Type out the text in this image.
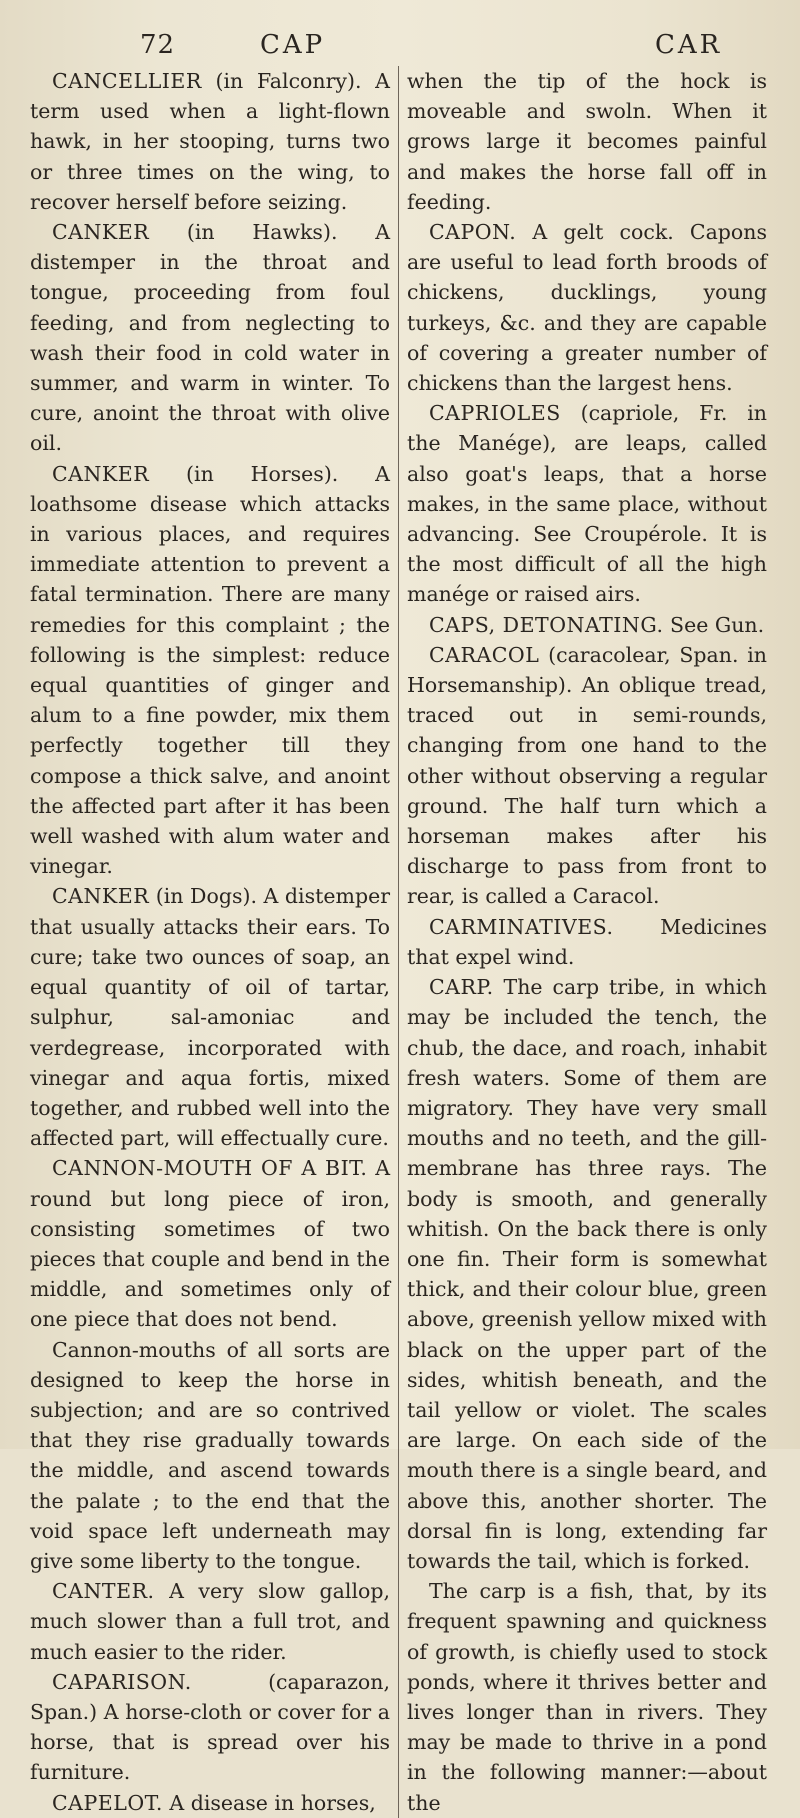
72	CAP	CAR

CANCELLIER (in Falconry). A term used when a light-flown hawk, in her stooping, turns two or three times on the wing, to recover herself before seizing.

CANKER (in Hawks). A distemper in the throat and tongue, proceeding from foul feeding, and from neglecting to wash their food in cold water in summer, and warm in winter. To cure, anoint the throat with olive oil.

CANKER (in Horses). A loathsome disease which attacks in various places, and requires immediate attention to prevent a fatal termination. There are many remedies for this complaint ; the following is the simplest: reduce equal quantities of ginger and alum to a fine powder, mix them perfectly together till they compose a thick salve, and anoint the affected part after it has been well washed with alum water and vinegar.

CANKER (in Dogs). A distemper that usually attacks their ears. To cure; take two ounces of soap, an equal quantity of oil of tartar, sulphur, sal-amoniac and verdegrease, incorporated with vinegar and aqua fortis, mixed together, and rubbed well into the affected part, will effectually cure.

CANNON-MOUTH OF A BIT. A round but long piece of iron, consisting sometimes of two pieces that couple and bend in the middle, and sometimes only of one piece that does not bend.

Cannon-mouths of all sorts are designed to keep the horse in subjection; and are so contrived that they rise gradually towards the middle, and ascend towards the palate ; to the end that the void space left underneath may give some liberty to the tongue.

CANTER. A very slow gallop, much slower than a full trot, and much easier to the rider.

CAPARISON. (caparazon, Span.) A horse-cloth or cover for a horse, that is spread over his furniture.

CAPELOT. A disease in horses,

when the tip of the hock is moveable and swoln. When it grows large it becomes painful and makes the horse fall off in feeding.

CAPON. A gelt cock. Capons are useful to lead forth broods of chickens, ducklings, young turkeys, &c. and they are capable of covering a greater number of chickens than the largest hens.

CAPRIOLES (capriole, Fr. in the Manége), are leaps, called also goat's leaps, that a horse makes, in the same place, without advancing. See Croupérole. It is the most difficult of all the high manége or raised airs.

CAPS, DETONATING. See Gun.

CARACOL (caracolear, Span. in Horsemanship). An oblique tread, traced out in semi-rounds, changing from one hand to the other without observing a regular ground. The half turn which a horseman makes after his discharge to pass from front to rear, is called a Caracol.

CARMINATIVES. Medicines that expel wind.

CARP. The carp tribe, in which may be included the tench, the chub, the dace, and roach, inhabit fresh waters. Some of them are migratory. They have very small mouths and no teeth, and the gill-membrane has three rays. The body is smooth, and generally whitish. On the back there is only one fin. Their form is somewhat thick, and their colour blue, green above, greenish yellow mixed with black on the upper part of the sides, whitish beneath, and the tail yellow or violet. The scales are large. On each side of the mouth there is a single beard, and above this, another shorter. The dorsal fin is long, extending far towards the tail, which is forked.

The carp is a fish, that, by its frequent spawning and quickness of growth, is chiefly used to stock ponds, where it thrives better and lives longer than in rivers. They may be made to thrive in a pond in the following manner:—about the
